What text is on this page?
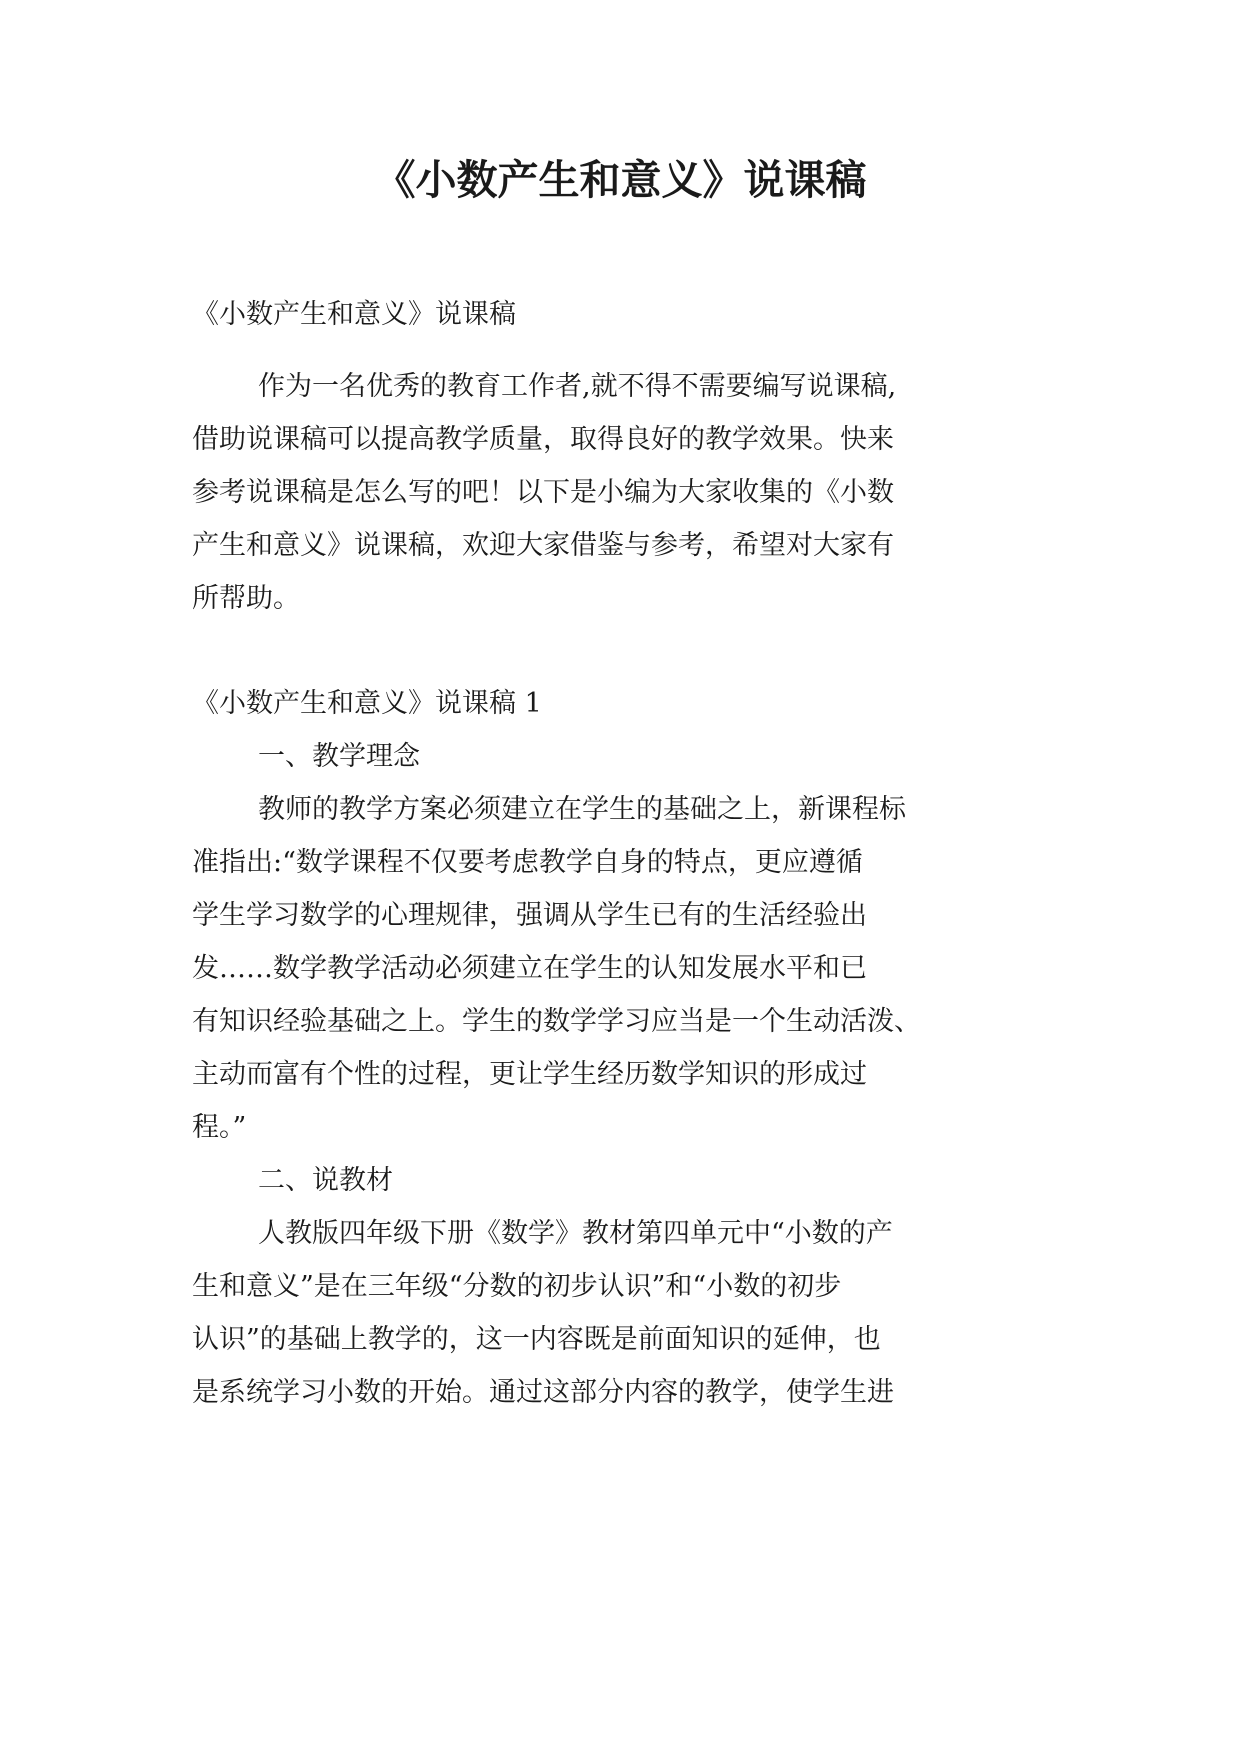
《小数产生和意义》说课稿

《小数产生和意义》说课稿

作为一名优秀的教育工作者,就不得不需要编写说课稿,

借助说课稿可以提高教学质量，取得良好的教学效果。快来

参考说课稿是怎么写的吧！以下是小编为大家收集的《小数

产生和意义》说课稿，欢迎大家借鉴与参考，希望对大家有

所帮助。

《小数产生和意义》说课稿 1

一、教学理念

教师的教学方案必须建立在学生的基础之上，新课程标

准指出:“数学课程不仅要考虑教学自身的特点，更应遵循

学生学习数学的心理规律，强调从学生已有的生活经验出

发……数学教学活动必须建立在学生的认知发展水平和已

有知识经验基础之上。学生的数学学习应当是一个生动活泼、

主动而富有个性的过程，更让学生经历数学知识的形成过

程。”

二、说教材

人教版四年级下册《数学》教材第四单元中“小数的产

生和意义”是在三年级“分数的初步认识”和“小数的初步

认识”的基础上教学的，这一内容既是前面知识的延伸，也

是系统学习小数的开始。通过这部分内容的教学，使学生进
